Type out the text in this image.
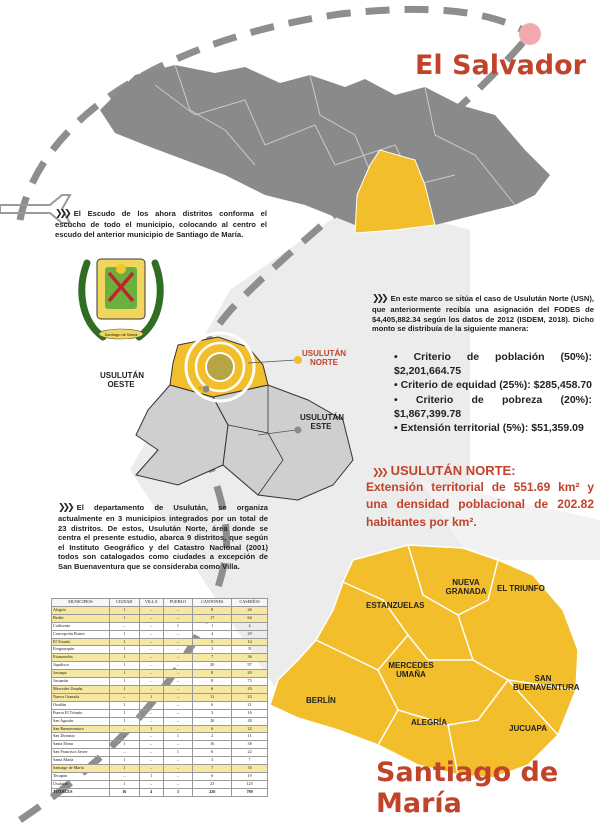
El Salvador
❯❯❯ El Escudo de los ahora distritos conforma el escucho de todo el municipio, colocando al centro el escudo del anterior municipio de Santiago de María.
Santiago de María
❯❯❯ En este marco se sitúa el caso de Usulután Norte (USN), que anteriormente recibía una asignación del FODES de $4,405,882.34 según los datos de 2012 (ISDEM, 2018). Dicho monto se distribuía de la siguiente manera:
• Criterio de población (50%): $2,201,664.75
• Criterio de equidad (25%): $285,458.70
• Criterio de pobreza (20%): $1,867,399.78
• Extensión territorial (5%): $51,359.09
USULUTÁN OESTE
USULUTÁN NORTE
USULUTÁN ESTE
❯❯❯ USULUTÁN NORTE:
Extensión territorial de 551.69 km² y una densidad poblacional de 202.82 habitantes por km².
❯❯❯ El departamento de Usulután, se organiza actualmente en 3 municipios integrados por un total de 23 distritos. De estos, Usulután Norte, área donde se centra el presente estudio, abarca 9 distritos, que según el Instituto Geográfico y del Catastro Nacional (2001) todos son catalogados como ciudades a excepción de San Buenaventura que se consideraba como Villa.
MUNICIPIOS	CIUDAD	VILLA	PUEBLO	CANTONES	CASERÍOS
Alegría	1	–	–	8	26
Berlín	1	–	–	17	64
California	–	–	1	1	4
Concepción Batres	1	–	–	4	29
El Triunfo	1	–	–	5	14
Ereguayquín	1	–	–	3	8
Estanzuelas	1	–	–	7	36
Jiquilisco	1	–	–	20	97
Jucuapa	1	–	–	8	29
Jucuarán	1	–	–	8	75
Mercedes Umaña	1	–	–	6	29
Nueva Granada	–	1	–	11	23
Ozatlán	1	–	–	6	21
Puerto El Triunfo	1	–	–	3	16
San Agustín	1	–	–	26	28
San Buenaventura	–	1	–	6	22
San Dionisio	–	–	1	2	11
Santa Elena	1	–	–	16	38
San Francisco Javier	–	–	1	6	22
Santa María	1	–	–	3	7
Santiago de María	1	–	–	7	35
Tecapán	–	1	–	6	19
Usulután	1	–	–	23	125
TOTALES	16	4	3	226	790
ESTANZUELAS
NUEVA GRANADA	EL TRIUNFO
MERCEDES UMAÑA	SAN BUENAVENTURA
BERLÍN
ALEGRÍA
JUCUAPA
Santiago de María
